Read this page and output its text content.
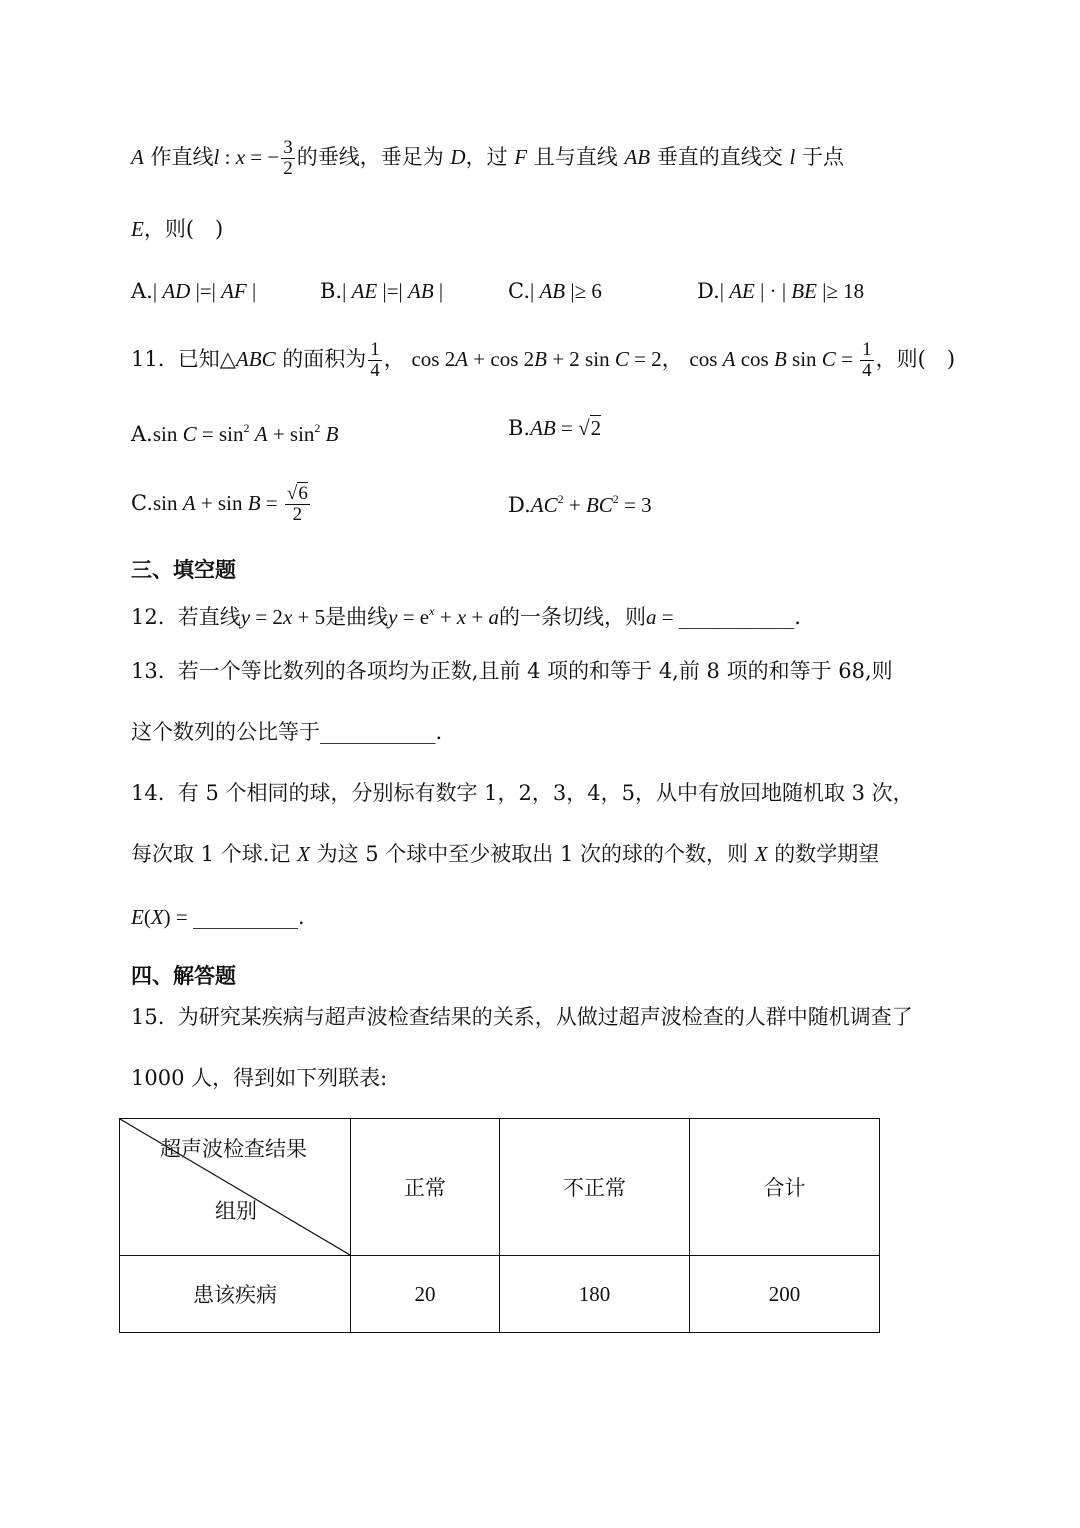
A 作直线l : x = − $\frac{3}{2}$ 的垂线，垂足为 D，过 F 且与直线 AB 垂直的直线交 l 于点
E，则(　)
A.| AD |=| AF |	B.| AE |=| AB |	C.| AB |≥ 6	D.| AE | · | BE |≥ 18
11. 已知△ABC 的面积为 $\frac{1}{4}$ ， cos 2A + cos 2B + 2 sin C = 2， cos A cos B $\sin C = \frac{1}{4}$ ，则(　)
A.sin $C = \sin^2 A + \sin^2 B$	B.AB = √2
C.sin $A + \sin B = \frac{√6}{2}$	$D.AC^2 + BC^2 = 3$
三、填空题
12. 若直线y = 2x + 5是曲线$y = e^x + x + a$的一条切线，则a = ___________.
13. 若一个等比数列的各项均为正数,且前 4 项的和等于 4,前 8 项的和等于 68,则
这个数列的公比等于___________.
14. 有 5 个相同的球，分别标有数字 1，2，3，4，5，从中有放回地随机取 3 次，
每次取 1 个球.记 X 为这 5 个球中至少被取出 1 次的球的个数，则 X 的数学期望
E(X) = __________.
四、解答题
15. 为研究某疾病与超声波检查结果的关系，从做过超声波检查的人群中随机调查了
1000 人，得到如下列联表:
超声波检查结果
组别	正常	不正常	合计
患该疾病	20	180	200
